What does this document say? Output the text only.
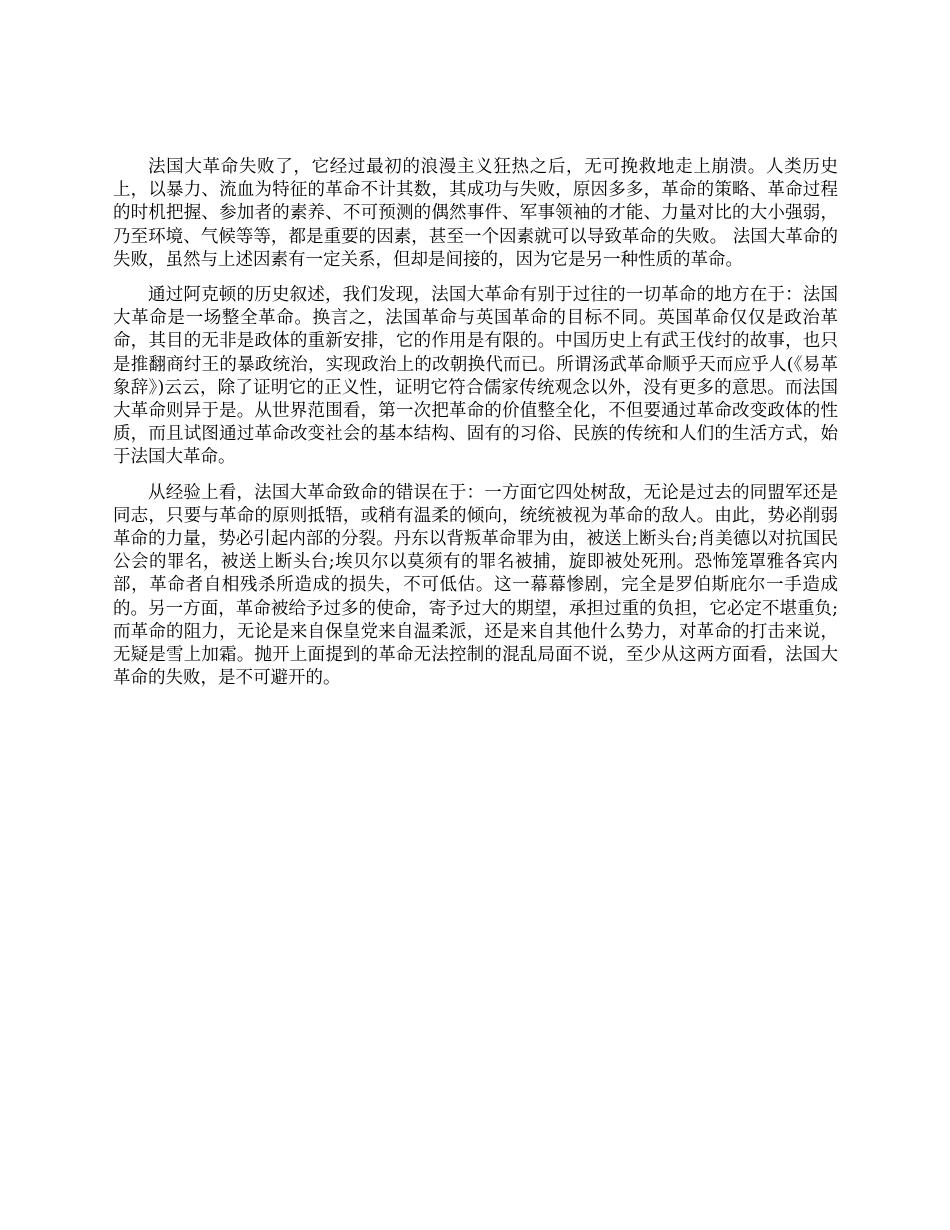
法国大革命失败了，它经过最初的浪漫主义狂热之后，无可挽救地走上崩溃。人类历史上，以暴力、流血为特征的革命不计其数，其成功与失败，原因多多，革命的策略、革命过程的时机把握、参加者的素养、不可预测的偶然事件、军事领袖的才能、力量对比的大小强弱，乃至环境、气候等等，都是重要的因素，甚至一个因素就可以导致革命的失败。 法国大革命的失败，虽然与上述因素有一定关系，但却是间接的，因为它是另一种性质的革命。

通过阿克顿的历史叙述，我们发现，法国大革命有别于过往的一切革命的地方在于：法国大革命是一场整全革命。换言之，法国革命与英国革命的目标不同。英国革命仅仅是政治革命，其目的无非是政体的重新安排，它的作用是有限的。中国历史上有武王伐纣的故事，也只是推翻商纣王的暴政统治，实现政治上的改朝换代而已。所谓汤武革命顺乎天而应乎人(《易革象辞》)云云，除了证明它的正义性，证明它符合儒家传统观念以外，没有更多的意思。而法国大革命则异于是。从世界范围看，第一次把革命的价值整全化，不但要通过革命改变政体的性质，而且试图通过革命改变社会的基本结构、固有的习俗、民族的传统和人们的生活方式，始于法国大革命。

从经验上看，法国大革命致命的错误在于：一方面它四处树敌，无论是过去的同盟军还是同志，只要与革命的原则抵牾，或稍有温柔的倾向，统统被视为革命的敌人。由此，势必削弱革命的力量，势必引起内部的分裂。丹东以背叛革命罪为由，被送上断头台;肖美德以对抗国民公会的罪名，被送上断头台;埃贝尔以莫须有的罪名被捕，旋即被处死刑。恐怖笼罩雅各宾内部，革命者自相残杀所造成的损失，不可低估。这一幕幕惨剧，完全是罗伯斯庇尔一手造成的。另一方面，革命被给予过多的使命，寄予过大的期望，承担过重的负担，它必定不堪重负;而革命的阻力，无论是来自保皇党来自温柔派，还是来自其他什么势力，对革命的打击来说，无疑是雪上加霜。抛开上面提到的革命无法控制的混乱局面不说，至少从这两方面看，法国大革命的失败，是不可避开的。
